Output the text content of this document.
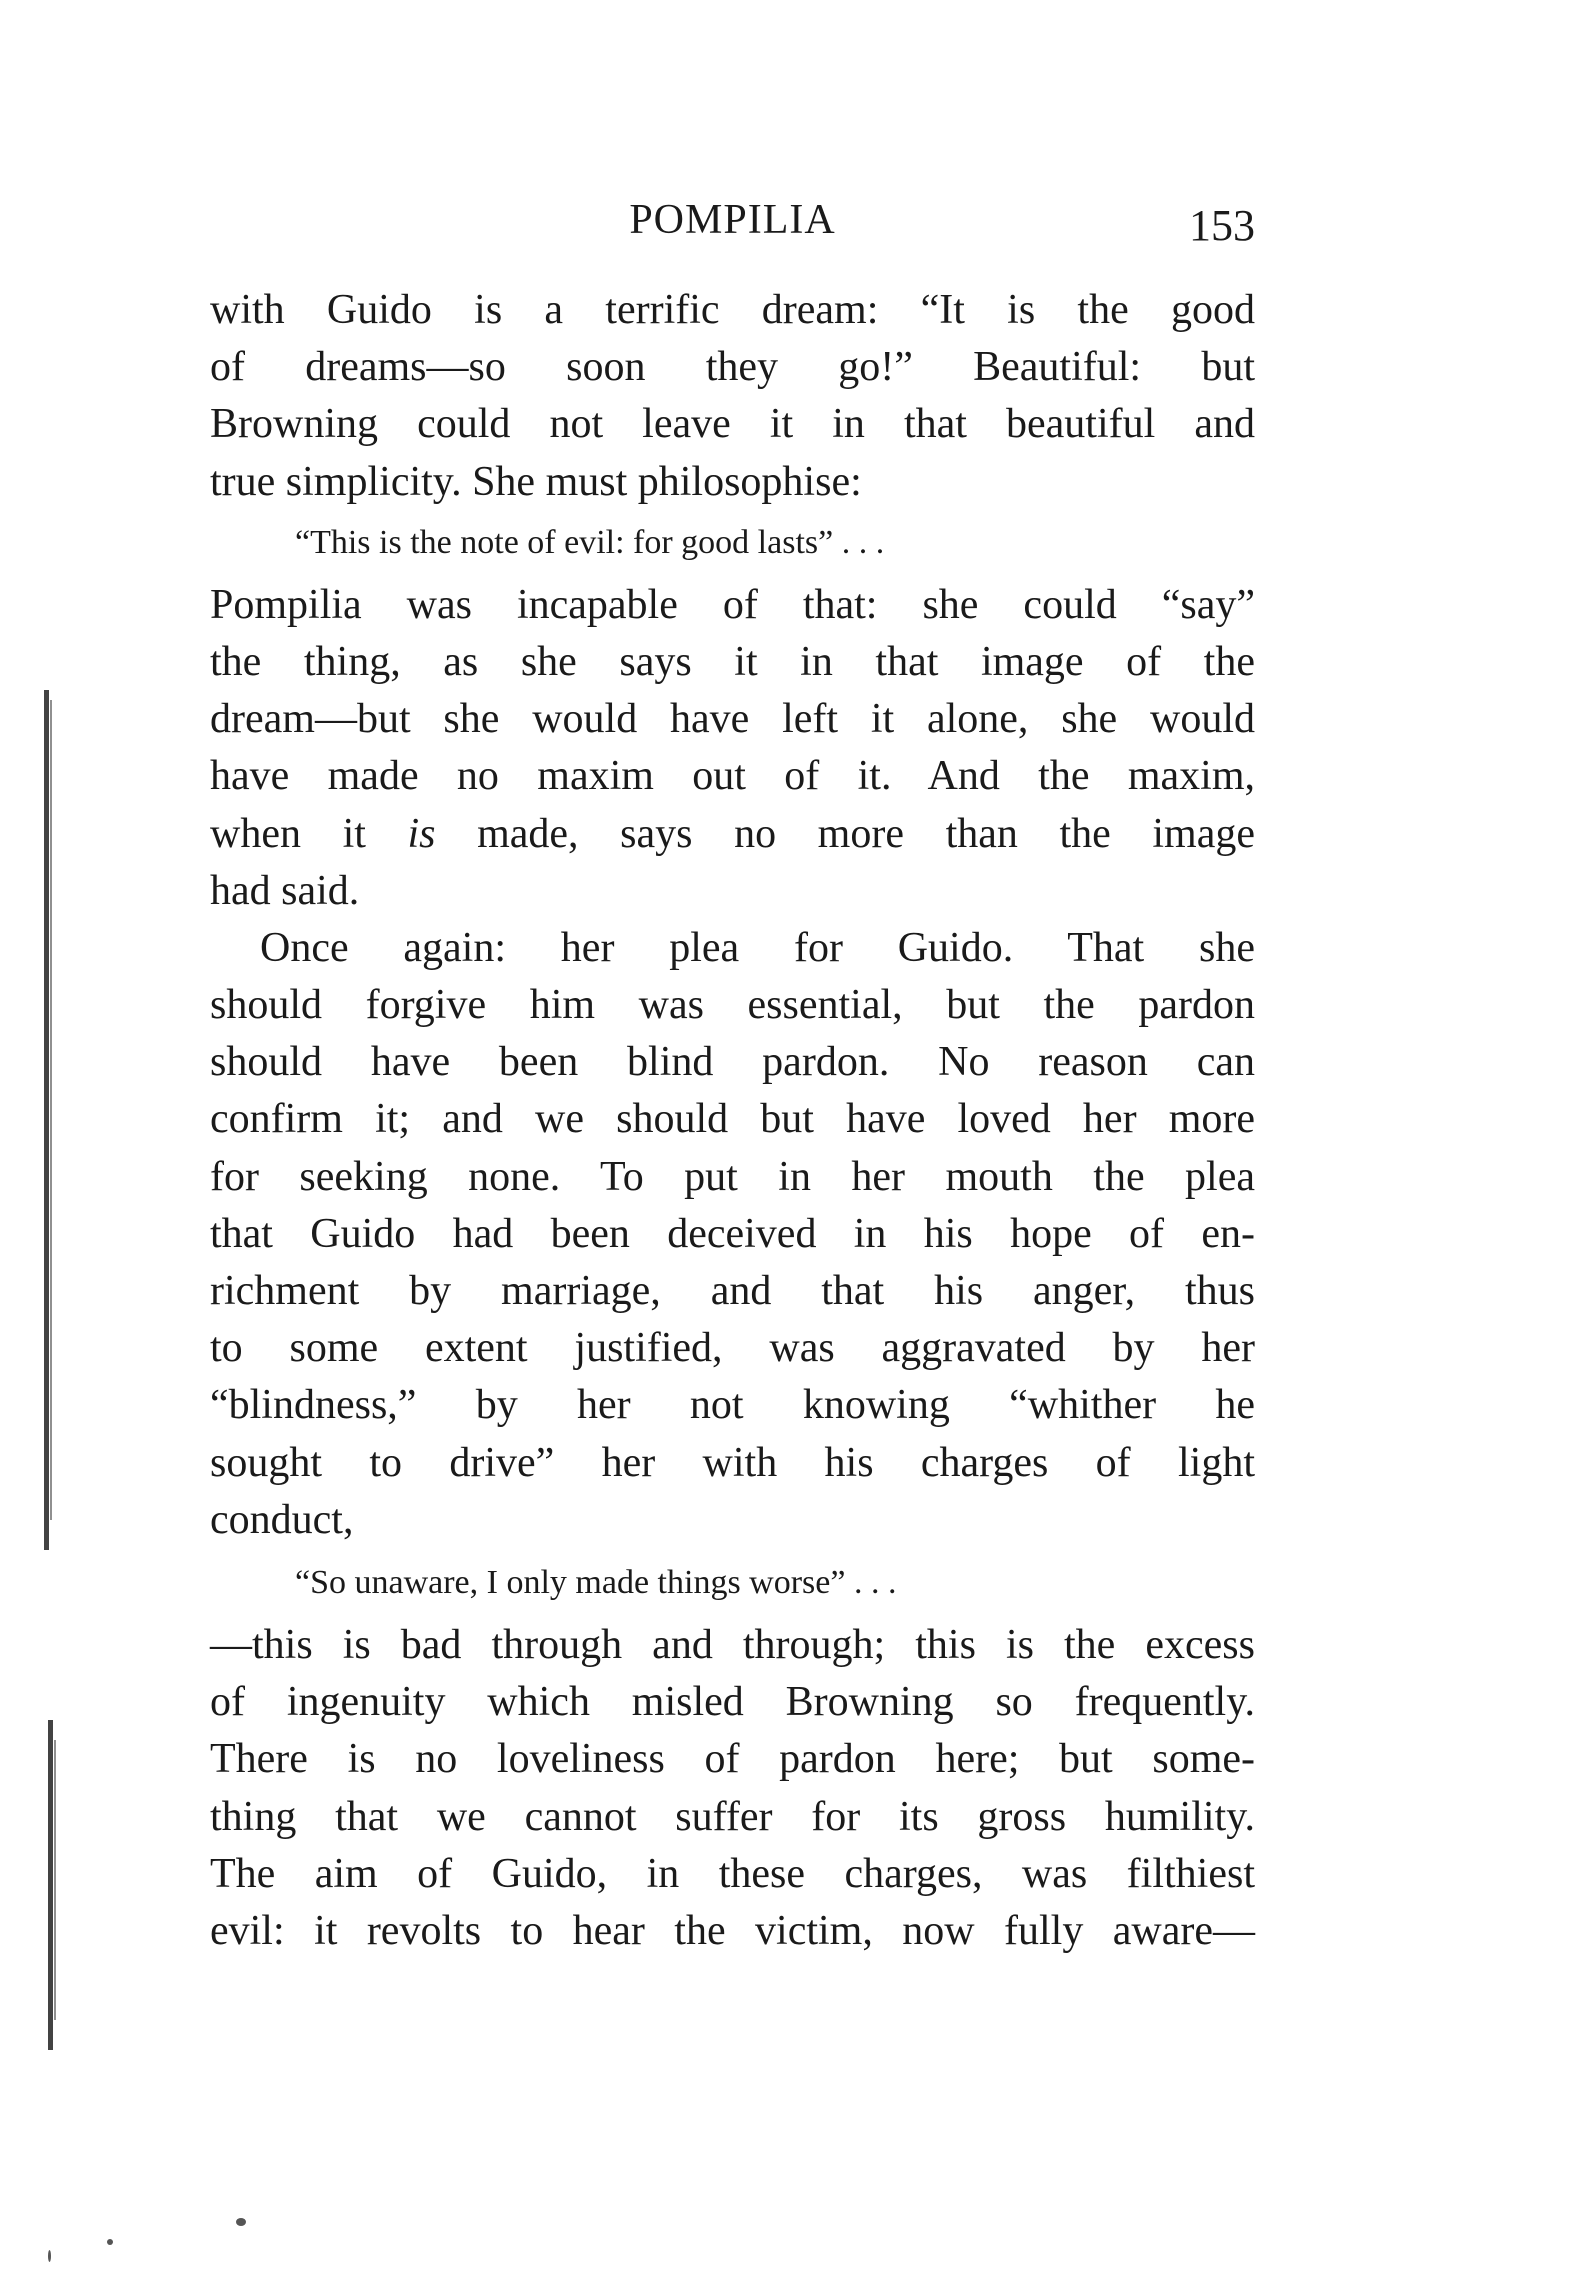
POMPILIA	153
with Guido is a terrific dream: “It is the good
of dreams—so soon they go!” Beautiful: but
Browning could not leave it in that beautiful and
true simplicity. She must philosophise:
“This is the note of evil: for good lasts” . . .
Pompilia was incapable of that: she could “say”
the thing, as she says it in that image of the
dream—but she would have left it alone, she would
have made no maxim out of it. And the maxim,
when it is made, says no more than the image
had said.
Once again: her plea for Guido. That she
should forgive him was essential, but the pardon
should have been blind pardon. No reason can
confirm it; and we should but have loved her more
for seeking none. To put in her mouth the plea
that Guido had been deceived in his hope of en-
richment by marriage, and that his anger, thus
to some extent justified, was aggravated by her
“blindness,” by her not knowing “whither he
sought to drive” her with his charges of light
conduct,
“So unaware, I only made things worse” . . .
—this is bad through and through; this is the excess
of ingenuity which misled Browning so frequently.
There is no loveliness of pardon here; but some-
thing that we cannot suffer for its gross humility.
The aim of Guido, in these charges, was filthiest
evil: it revolts to hear the victim, now fully aware—
